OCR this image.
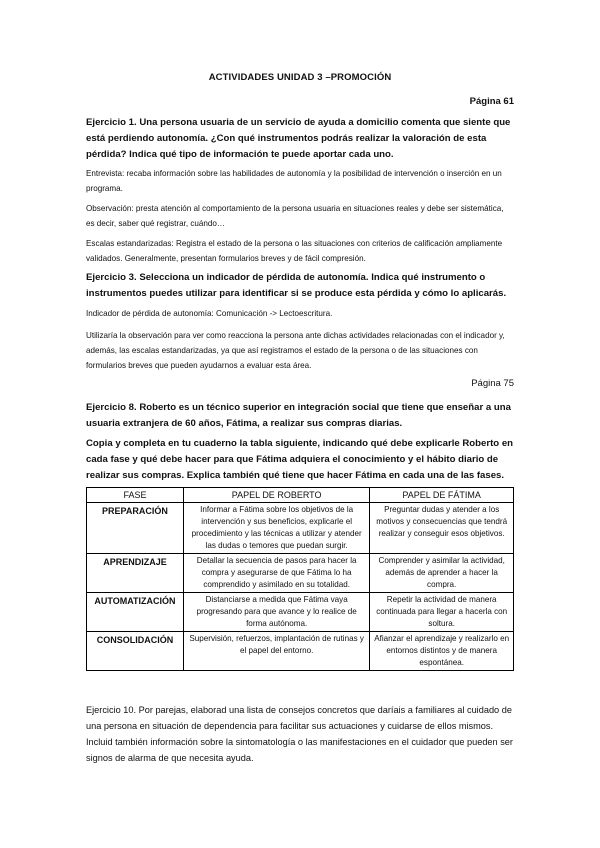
ACTIVIDADES UNIDAD 3 –PROMOCIÓN
Página 61

Ejercicio 1. Una persona usuaria de un servicio de ayuda a domicilio comenta que siente que está perdiendo autonomía. ¿Con qué instrumentos podrás realizar la valoración de esta pérdida? Indica qué tipo de información te puede aportar cada uno.

Entrevista: recaba información sobre las habilidades de autonomía y la posibilidad de intervención o inserción en un programa.

Observación: presta atención al comportamiento de la persona usuaria en situaciones reales y debe ser sistemática, es decir, saber qué registrar, cuándo…

Escalas estandarizadas: Registra el estado de la persona o las situaciones con criterios de calificación ampliamente validados. Generalmente, presentan formularios breves y de fácil compresión.

Ejercicio 3. Selecciona un indicador de pérdida de autonomía. Indica qué instrumento o instrumentos puedes utilizar para identificar si se produce esta pérdida y cómo lo aplicarás.

Indicador de pérdida de autonomía: Comunicación -> Lectoescritura.

Utilizaría la observación para ver como reacciona la persona ante dichas actividades relacionadas con el indicador y, además, las escalas estandarizadas, ya que así registramos el estado de la persona o de las situaciones con formularios breves que pueden ayudarnos a evaluar esta área.

Página 75

Ejercicio 8. Roberto es un técnico superior en integración social que tiene que enseñar a una usuaria extranjera de 60 años, Fátima, a realizar sus compras diarias.

Copia y completa en tu cuaderno la tabla siguiente, indicando qué debe explicarle Roberto en cada fase y qué debe hacer para que Fátima adquiera el conocimiento y el hábito diario de realizar sus compras. Explica también qué tiene que hacer Fátima en cada una de las fases.

FASE	PAPEL DE ROBERTO	PAPEL DE FÁTIMA
PREPARACIÓN	Informar a Fátima sobre los objetivos de la intervención y sus beneficios, explicarle el procedimiento y las técnicas a utilizar y atender las dudas o temores que puedan surgir.	Preguntar dudas y atender a los motivos y consecuencias que tendrá realizar y conseguir esos objetivos.
APRENDIZAJE	Detallar la secuencia de pasos para hacer la compra y asegurarse de que Fátima lo ha comprendido y asimilado en su totalidad.	Comprender y asimilar la actividad, además de aprender a hacer la compra.
AUTOMATIZACIÓN	Distanciarse a medida que Fátima vaya progresando para que avance y lo realice de forma autónoma.	Repetir la actividad de manera continuada para llegar a hacerla con soltura.
CONSOLIDACIÓN	Supervisión, refuerzos, implantación de rutinas y el papel del entorno.	Afianzar el aprendizaje y realizarlo en entornos distintos y de manera espontánea.

Ejercicio 10. Por parejas, elaborad una lista de consejos concretos que daríais a familiares al cuidado de una persona en situación de dependencia para facilitar sus actuaciones y cuidarse de ellos mismos. Incluid también información sobre la sintomatología o las manifestaciones en el cuidador que pueden ser signos de alarma de que necesita ayuda.
